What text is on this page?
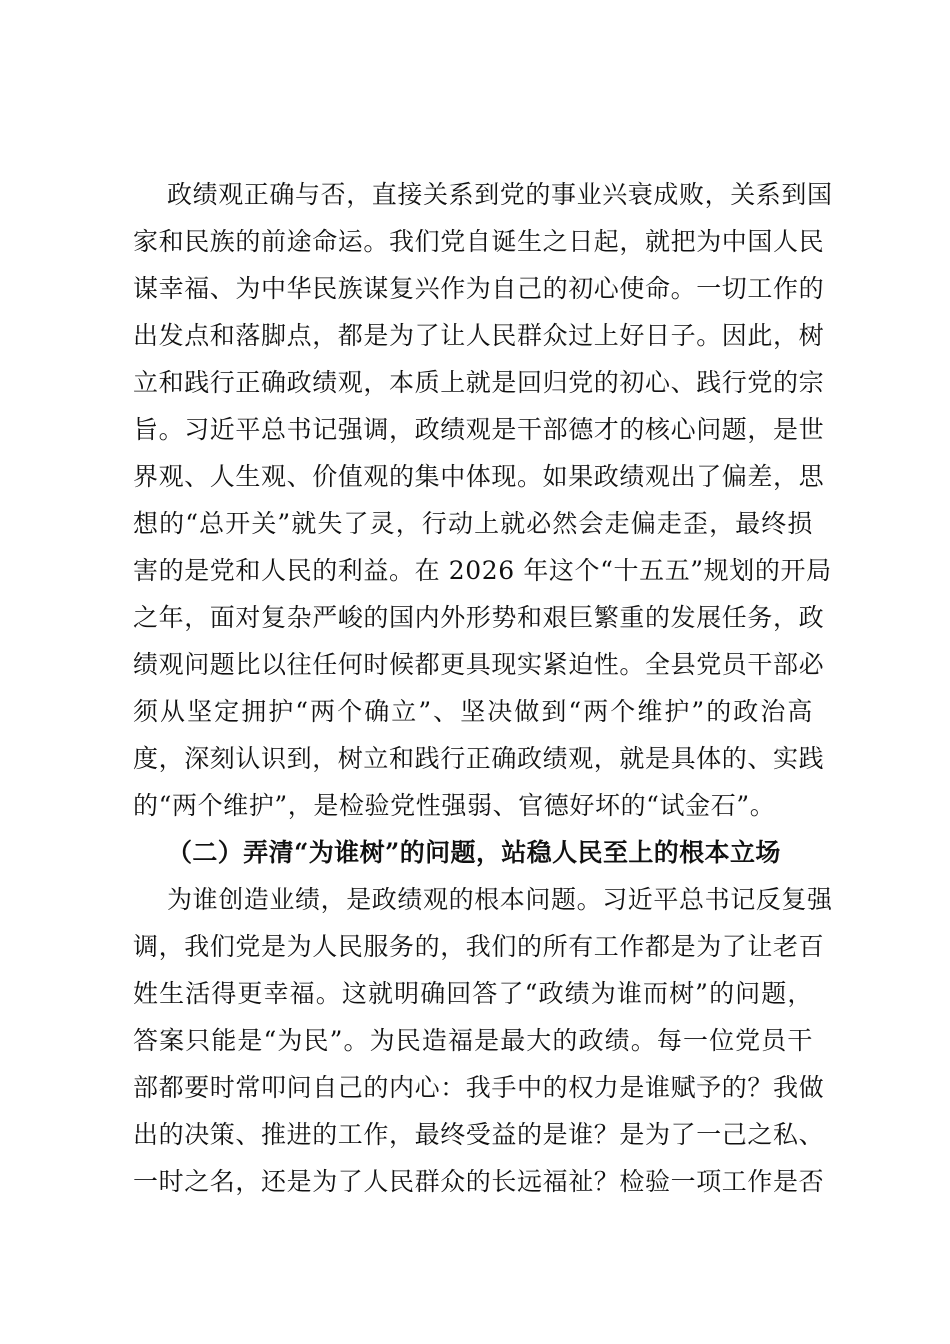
政绩观正确与否，直接关系到党的事业兴衰成败，关系到国
家和民族的前途命运。我们党自诞生之日起，就把为中国人民
谋幸福、为中华民族谋复兴作为自己的初心使命。一切工作的
出发点和落脚点，都是为了让人民群众过上好日子。因此，树
立和践行正确政绩观，本质上就是回归党的初心、践行党的宗
旨。习近平总书记强调，政绩观是干部德才的核心问题，是世
界观、人生观、价值观的集中体现。如果政绩观出了偏差，思
想的“总开关”就失了灵，行动上就必然会走偏走歪，最终损
害的是党和人民的利益。在 2026 年这个“十五五”规划的开局
之年，面对复杂严峻的国内外形势和艰巨繁重的发展任务，政
绩观问题比以往任何时候都更具现实紧迫性。全县党员干部必
须从坚定拥护“两个确立”、坚决做到“两个维护”的政治高
度，深刻认识到，树立和践行正确政绩观，就是具体的、实践
的“两个维护”，是检验党性强弱、官德好坏的“试金石”。
（二）弄清“为谁树”的问题，站稳人民至上的根本立场
为谁创造业绩，是政绩观的根本问题。习近平总书记反复强
调，我们党是为人民服务的，我们的所有工作都是为了让老百
姓生活得更幸福。这就明确回答了“政绩为谁而树”的问题，
答案只能是“为民”。为民造福是最大的政绩。每一位党员干
部都要时常叩问自己的内心：我手中的权力是谁赋予的？我做
出的决策、推进的工作，最终受益的是谁？是为了一己之私、
一时之名，还是为了人民群众的长远福祉？检验一项工作是否
